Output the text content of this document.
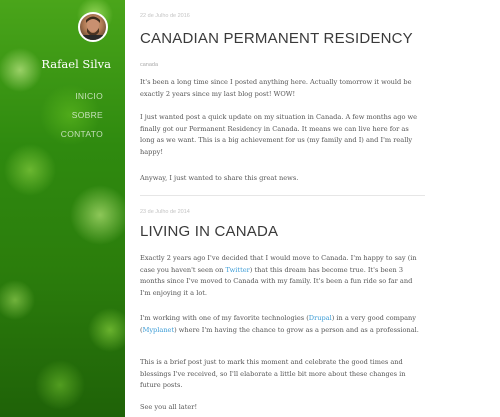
Rafael Silva
INICIO
SOBRE
CONTATO
22 de Julho de 2016
CANADIAN PERMANENT RESIDENCY
canada

It's been a long time since I posted anything here. Actually tomorrow it would be exactly 2 years since my last blog post! WOW!

I just wanted post a quick update on my situation in Canada. A few months ago we finally got our Permanent Residency in Canada. It means we can live here for as long as we want. This is a big achievement for us (my family and I) and I'm really happy!

Anyway, I just wanted to share this great news.

23 de Julho de 2014
LIVING IN CANADA

Exactly 2 years ago I've decided that I would move to Canada. I'm happy to say (in case you haven't seen on Twitter) that this dream has become true. It's been 3 months since I've moved to Canada with my family. It's been a fun ride so far and I'm enjoying it a lot.

I'm working with one of my favorite technologies (Drupal) in a very good company (Myplanet) where I'm having the chance to grow as a person and as a professional.

This is a brief post just to mark this moment and celebrate the good times and blessings I've received, so I'll elaborate a little bit more about these changes in future posts.

See you all later!
